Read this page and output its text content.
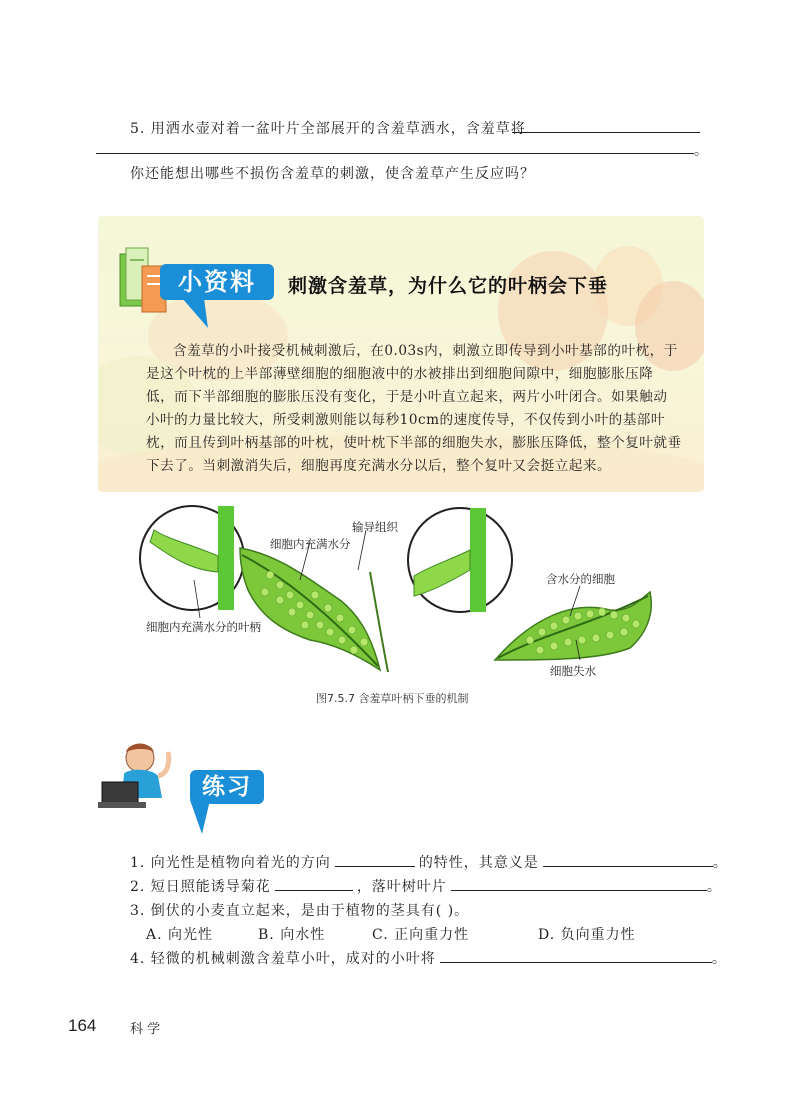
5. 用洒水壶对着一盆叶片全部展开的含羞草洒水，含羞草将
。
你还能想出哪些不损伤含羞草的刺激，使含羞草产生反应吗？
小资料	刺激含羞草，为什么它的叶柄会下垂
含羞草的小叶接受机械刺激后，在0.03s内，刺激立即传导到小叶基部的叶枕，于
是这个叶枕的上半部薄壁细胞的细胞液中的水被排出到细胞间隙中，细胞膨胀压降
低，而下半部细胞的膨胀压没有变化，于是小叶直立起来，两片小叶闭合。如果触动
小叶的力量比较大，所受刺激则能以每秒10cm的速度传导，不仅传到小叶的基部叶
枕，而且传到叶柄基部的叶枕，使叶枕下半部的细胞失水，膨胀压降低，整个复叶就垂
下去了。当刺激消失后，细胞再度充满水分以后，整个复叶又会挺立起来。
输导组织
细胞内充满水分
细胞内充满水分的叶柄
含水分的细胞
细胞失水
图7.5.7 含羞草叶柄下垂的机制
练习
1. 向光性是植物向着光的方向	的特性，其意义是	。
2. 短日照能诱导菊花	，落叶树叶片	。
3. 倒伏的小麦直立起来，是由于植物的茎具有( )。
A. 向光性	B. 向水性	C. 正向重力性	D. 负向重力性
4. 轻微的机械刺激含羞草小叶，成对的小叶将	。
164	科 学
